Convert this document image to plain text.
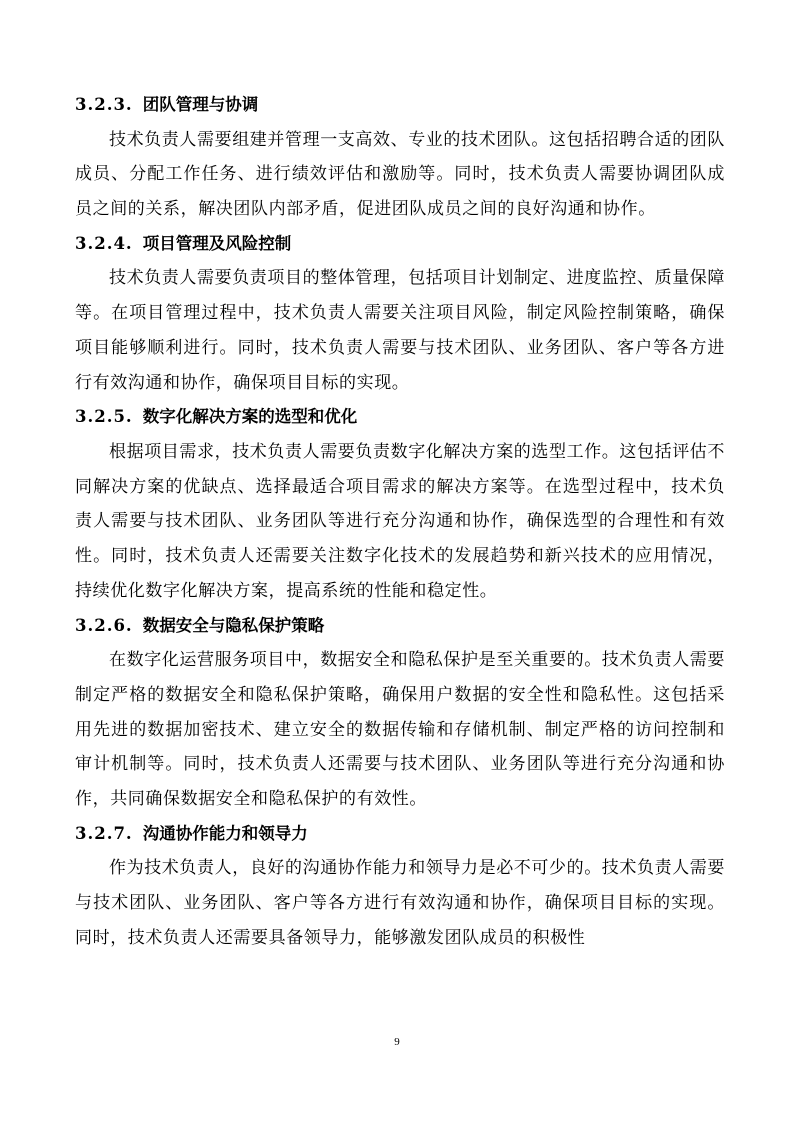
3.2.3. 团队管理与协调

技术负责人需要组建并管理一支高效、专业的技术团队。这包括招聘合适的团队成员、分配工作任务、进行绩效评估和激励等。同时，技术负责人需要协调团队成员之间的关系，解决团队内部矛盾，促进团队成员之间的良好沟通和协作。

3.2.4. 项目管理及风险控制

技术负责人需要负责项目的整体管理，包括项目计划制定、进度监控、质量保障等。在项目管理过程中，技术负责人需要关注项目风险，制定风险控制策略，确保项目能够顺利进行。同时，技术负责人需要与技术团队、业务团队、客户等各方进行有效沟通和协作，确保项目目标的实现。

3.2.5. 数字化解决方案的选型和优化

根据项目需求，技术负责人需要负责数字化解决方案的选型工作。这包括评估不同解决方案的优缺点、选择最适合项目需求的解决方案等。在选型过程中，技术负责人需要与技术团队、业务团队等进行充分沟通和协作，确保选型的合理性和有效性。同时，技术负责人还需要关注数字化技术的发展趋势和新兴技术的应用情况，持续优化数字化解决方案，提高系统的性能和稳定性。

3.2.6. 数据安全与隐私保护策略

在数字化运营服务项目中，数据安全和隐私保护是至关重要的。技术负责人需要制定严格的数据安全和隐私保护策略，确保用户数据的安全性和隐私性。这包括采用先进的数据加密技术、建立安全的数据传输和存储机制、制定严格的访问控制和审计机制等。同时，技术负责人还需要与技术团队、业务团队等进行充分沟通和协作，共同确保数据安全和隐私保护的有效性。

3.2.7. 沟通协作能力和领导力

作为技术负责人，良好的沟通协作能力和领导力是必不可少的。技术负责人需要与技术团队、业务团队、客户等各方进行有效沟通和协作，确保项目目标的实现。同时，技术负责人还需要具备领导力，能够激发团队成员的积极性

9
